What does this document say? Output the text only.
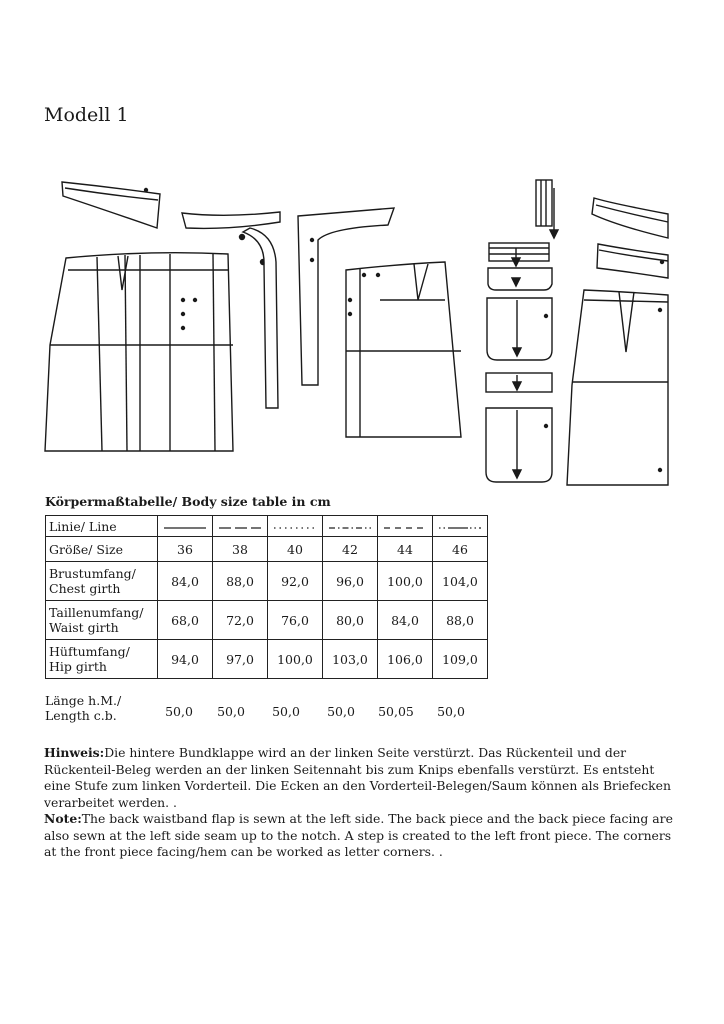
Modell 1
Körpermaßtabelle/ Body size table in cm
Linie/ Line						
Größe/ Size	36	38	40	42	44	46
Brustumfang/
Chest girth	84,0	88,0	92,0	96,0	100,0	104,0
Taillenumfang/
Waist girth	68,0	72,0	76,0	80,0	84,0	88,0
Hüftumfang/
Hip girth	94,0	97,0	100,0	103,0	106,0	109,0
Länge h.M./
Length c.b.	50,0	50,0	50,0	50,0	50,05	50,0

Hinweis:Die hintere Bundklappe wird an der linken Seite verstürzt. Das Rückenteil und der Rückenteil-Beleg werden an der linken Seitennaht bis zum Knips ebenfalls verstürzt. Es entsteht eine Stufe zum linken Vorderteil. Die Ecken an den Vorderteil-Belegen/Saum können als Briefecken verarbeitet werden. .

Note:The back waistband flap is sewn at the left side. The back piece and the back piece facing are also sewn at the left side seam up to the notch. A step is created to the left front piece. The corners at the front piece facing/hem can be worked as letter corners. .
